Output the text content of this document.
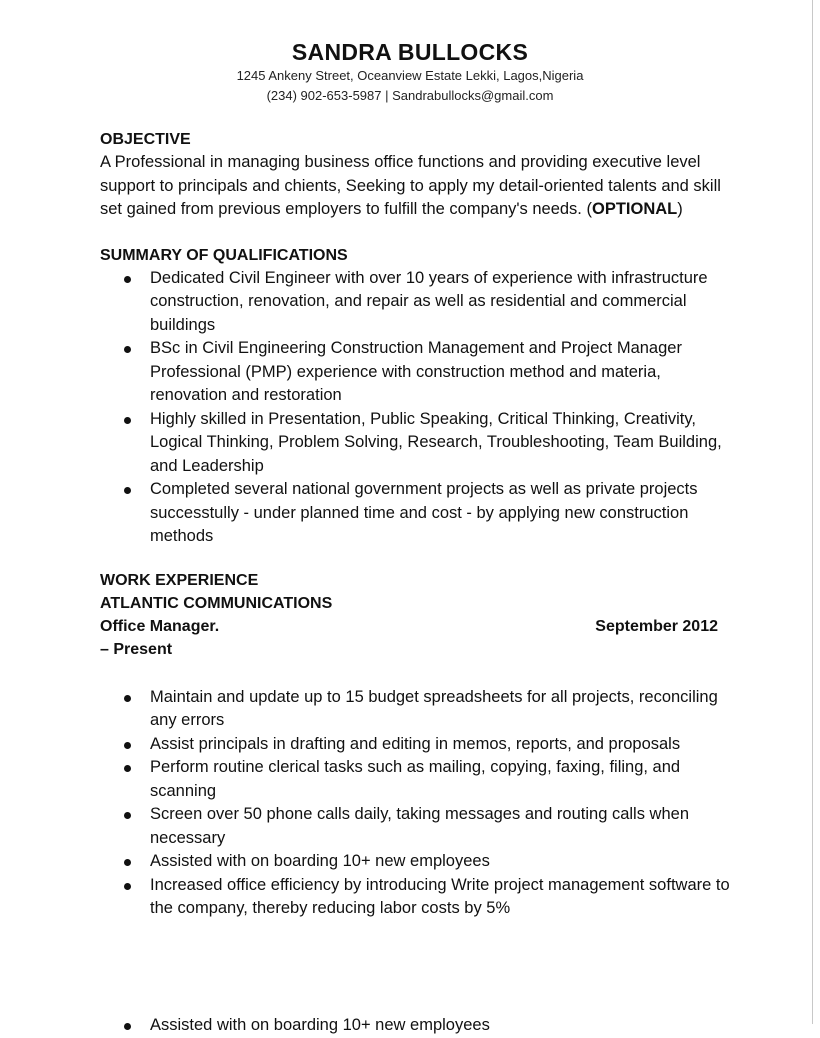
SANDRA BULLOCKS
1245 Ankeny Street, Oceanview Estate Lekki, Lagos,Nigeria
(234) 902-653-5987 | Sandrabullocks@gmail.com
OBJECTIVE

A Professional in managing business office functions and providing executive level support to principals and chients, Seeking to apply my detail-oriented talents and skill set gained from previous employers to fulfill the company's needs. (OPTIONAL)

SUMMARY OF QUALIFICATIONS
Dedicated Civil Engineer with over 10 years of experience with infrastructure construction, renovation, and repair as well as residential and commercial buildings
BSc in Civil Engineering Construction Management and Project Manager Professional (PMP) experience with construction method and materia, renovation and restoration
Highly skilled in Presentation, Public Speaking, Critical Thinking, Creativity, Logical Thinking, Problem Solving, Research, Troubleshooting, Team Building, and Leadership
Completed several national government projects as well as private projects successtully - under planned time and cost - by applying new construction methods
WORK EXPERIENCE
ATLANTIC COMMUNICATIONS
Office Manager.	September 2012
– Present
Maintain and update up to 15 budget spreadsheets for all projects, reconciling any errors
Assist principals in drafting and editing in memos, reports, and proposals
Perform routine clerical tasks such as mailing, copying, faxing, filing, and scanning
Screen over 50 phone calls daily, taking messages and routing calls when necessary
Assisted with on boarding 10+ new employees
Increased office efficiency by introducing Write project management software to the company, thereby reducing labor costs by 5%
Assisted with on boarding 10+ new employees
